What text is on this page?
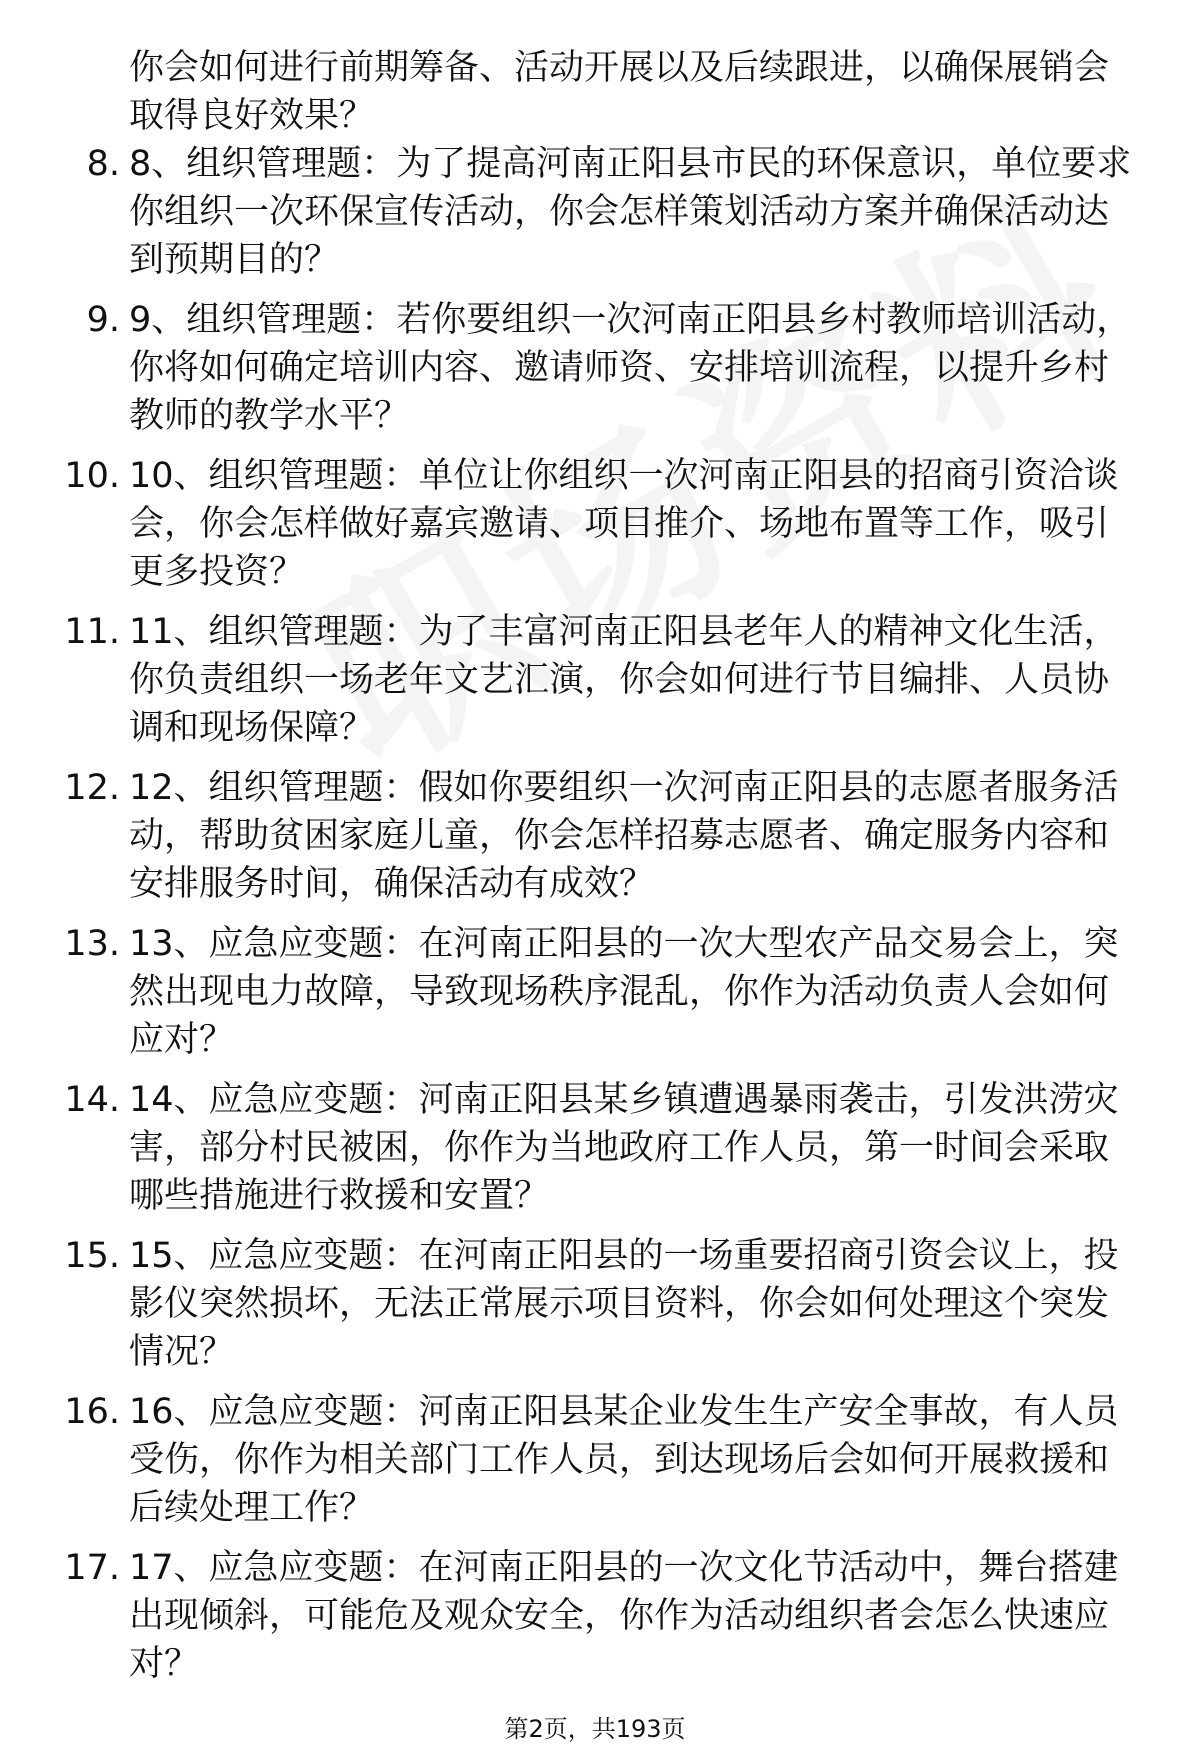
你会如何进行前期筹备、活动开展以及后续跟进，以确保展销会
取得良好效果？
8. 8、组织管理题：为了提高河南正阳县市民的环保意识，单位要求
你组织一次环保宣传活动，你会怎样策划活动方案并确保活动达
到预期目的？
9. 9、组织管理题：若你要组织一次河南正阳县乡村教师培训活动，
你将如何确定培训内容、邀请师资、安排培训流程，以提升乡村
教师的教学水平？
10. 10、组织管理题：单位让你组织一次河南正阳县的招商引资洽谈
会，你会怎样做好嘉宾邀请、项目推介、场地布置等工作，吸引
更多投资？
11. 11、组织管理题：为了丰富河南正阳县老年人的精神文化生活，
你负责组织一场老年文艺汇演，你会如何进行节目编排、人员协
调和现场保障？
12. 12、组织管理题：假如你要组织一次河南正阳县的志愿者服务活
动，帮助贫困家庭儿童，你会怎样招募志愿者、确定服务内容和
安排服务时间，确保活动有成效？
13. 13、应急应变题：在河南正阳县的一次大型农产品交易会上，突
然出现电力故障，导致现场秩序混乱，你作为活动负责人会如何
应对？
14. 14、应急应变题：河南正阳县某乡镇遭遇暴雨袭击，引发洪涝灾
害，部分村民被困，你作为当地政府工作人员，第一时间会采取
哪些措施进行救援和安置？
15. 15、应急应变题：在河南正阳县的一场重要招商引资会议上，投
影仪突然损坏，无法正常展示项目资料，你会如何处理这个突发
情况？
16. 16、应急应变题：河南正阳县某企业发生生产安全事故，有人员
受伤，你作为相关部门工作人员，到达现场后会如何开展救援和
后续处理工作？
17. 17、应急应变题：在河南正阳县的一次文化节活动中，舞台搭建
出现倾斜，可能危及观众安全，你作为活动组织者会怎么快速应
对？
第2页，共193页
